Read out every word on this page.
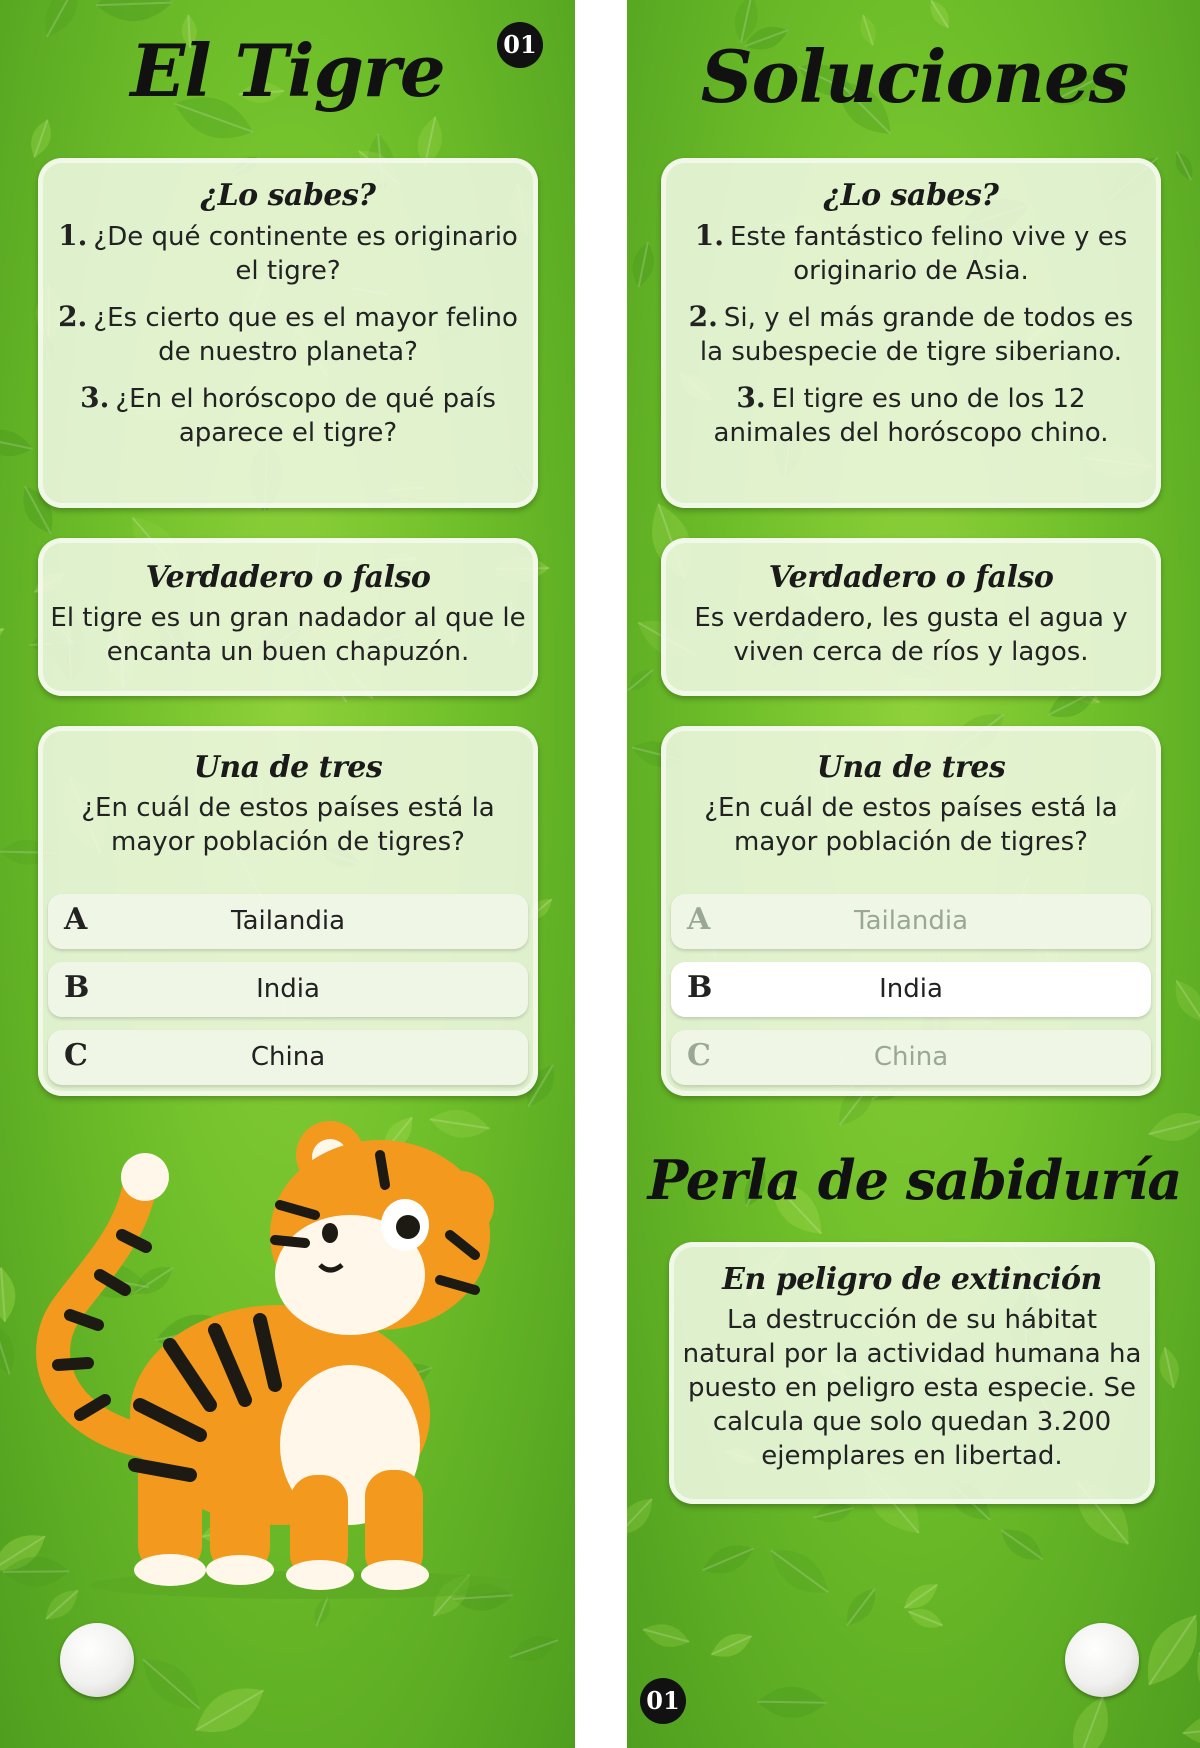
01
El Tigre
¿Lo sabes?
1. ¿De qué continente es originario el tigre?
2. ¿Es cierto que es el mayor felino de nuestro planeta?
3. ¿En el horóscopo de qué país aparece el tigre?
Verdadero o falso
El tigre es un gran nadador al que le encanta un buen chapuzón.
Una de tres
¿En cuál de estos países está la mayor población de tigres?
A	Tailandia
B	India
C	China
Soluciones
¿Lo sabes?
1. Este fantástico felino vive y es originario de Asia.
2. Si, y el más grande de todos es la subespecie de tigre siberiano.
3. El tigre es uno de los 12 animales del horóscopo chino.
Verdadero o falso
Es verdadero, les gusta el agua y viven cerca de ríos y lagos.
Una de tres
¿En cuál de estos países está la mayor población de tigres?
A	Tailandia
B	India
C	China
Perla de sabiduría
En peligro de extinción
La destrucción de su hábitat natural por la actividad humana ha puesto en peligro esta especie. Se calcula que solo quedan 3.200 ejemplares en libertad.
01
